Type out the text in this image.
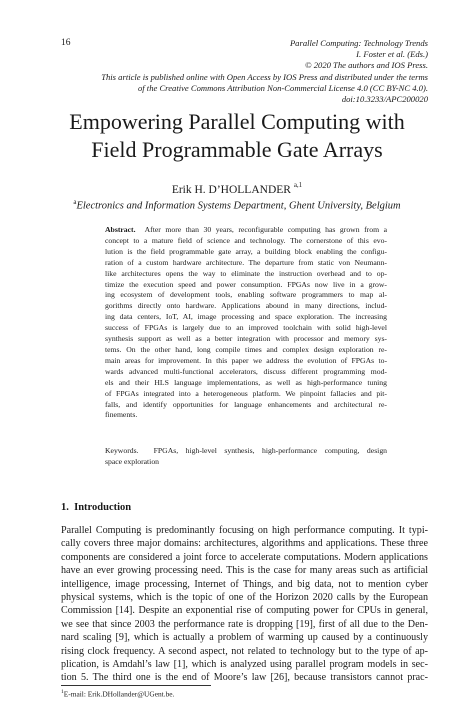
16	Parallel Computing: Technology Trends
I. Foster et al. (Eds.)
© 2020 The authors and IOS Press.
This article is published online with Open Access by IOS Press and distributed under the terms
of the Creative Commons Attribution Non-Commercial License 4.0 (CC BY-NC 4.0).
doi:10.3233/APC200020
Empowering Parallel Computing with
Field Programmable Gate Arrays
Erik H. D’HOLLANDER $^{a,1}$
$^a$Electronics and Information Systems Department, Ghent University, Belgium
Abstract. After more than 30 years, reconfigurable computing has grown from a
concept to a mature field of science and technology. The cornerstone of this evo-
lution is the field programmable gate array, a building block enabling the configu-
ration of a custom hardware architecture. The departure from static von Neumann-
like architectures opens the way to eliminate the instruction overhead and to op-
timize the execution speed and power consumption. FPGAs now live in a grow-
ing ecosystem of development tools, enabling software programmers to map al-
gorithms directly onto hardware. Applications abound in many directions, includ-
ing data centers, IoT, AI, image processing and space exploration. The increasing
success of FPGAs is largely due to an improved toolchain with solid high-level
synthesis support as well as a better integration with processor and memory sys-
tems. On the other hand, long compile times and complex design exploration re-
main areas for improvement. In this paper we address the evolution of FPGAs to-
wards advanced multi-functional accelerators, discuss different programming mod-
els and their HLS language implementations, as well as high-performance tuning
of FPGAs integrated into a heterogeneous platform. We pinpoint fallacies and pit-
falls, and identify opportunities for language enhancements and architectural re-
finements.
Keywords. FPGAs, high-level synthesis, high-performance computing, design
space exploration
1. Introduction
Parallel Computing is predominantly focusing on high performance computing. It typi-
cally covers three major domains: architectures, algorithms and applications. These three
components are considered a joint force to accelerate computations. Modern applications
have an ever growing processing need. This is the case for many areas such as artificial
intelligence, image processing, Internet of Things, and big data, not to mention cyber
physical systems, which is the topic of one of the Horizon 2020 calls by the European
Commission [14]. Despite an exponential rise of computing power for CPUs in general,
we see that since 2003 the performance rate is dropping [19], first of all due to the Den-
nard scaling [9], which is actually a problem of warming up caused by a continuously
rising clock frequency. A second aspect, not related to technology but to the type of ap-
plication, is Amdahl’s law [1], which is analyzed using parallel program models in sec-
tion 5. The third one is the end of Moore’s law [26], because transistors cannot prac-
$^1$E-mail: Erik.DHollander@UGent.be.
